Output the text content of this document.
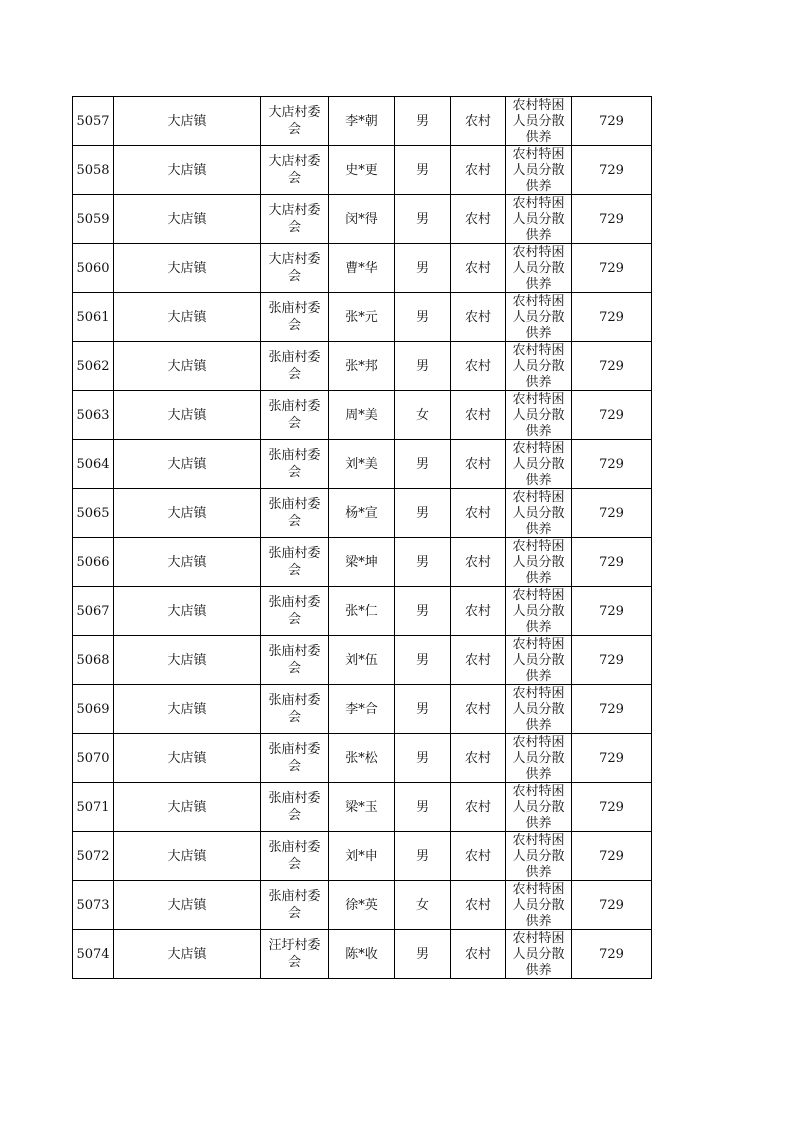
5057	大店镇	大店村委会	李*朝	男	农村	农村特困人员分散供养	729
5058	大店镇	大店村委会	史*更	男	农村	农村特困人员分散供养	729
5059	大店镇	大店村委会	闵*得	男	农村	农村特困人员分散供养	729
5060	大店镇	大店村委会	曹*华	男	农村	农村特困人员分散供养	729
5061	大店镇	张庙村委会	张*元	男	农村	农村特困人员分散供养	729
5062	大店镇	张庙村委会	张*邦	男	农村	农村特困人员分散供养	729
5063	大店镇	张庙村委会	周*美	女	农村	农村特困人员分散供养	729
5064	大店镇	张庙村委会	刘*美	男	农村	农村特困人员分散供养	729
5065	大店镇	张庙村委会	杨*宣	男	农村	农村特困人员分散供养	729
5066	大店镇	张庙村委会	梁*坤	男	农村	农村特困人员分散供养	729
5067	大店镇	张庙村委会	张*仁	男	农村	农村特困人员分散供养	729
5068	大店镇	张庙村委会	刘*伍	男	农村	农村特困人员分散供养	729
5069	大店镇	张庙村委会	李*合	男	农村	农村特困人员分散供养	729
5070	大店镇	张庙村委会	张*松	男	农村	农村特困人员分散供养	729
5071	大店镇	张庙村委会	梁*玉	男	农村	农村特困人员分散供养	729
5072	大店镇	张庙村委会	刘*申	男	农村	农村特困人员分散供养	729
5073	大店镇	张庙村委会	徐*英	女	农村	农村特困人员分散供养	729
5074	大店镇	汪圩村委会	陈*收	男	农村	农村特困人员分散供养	729
